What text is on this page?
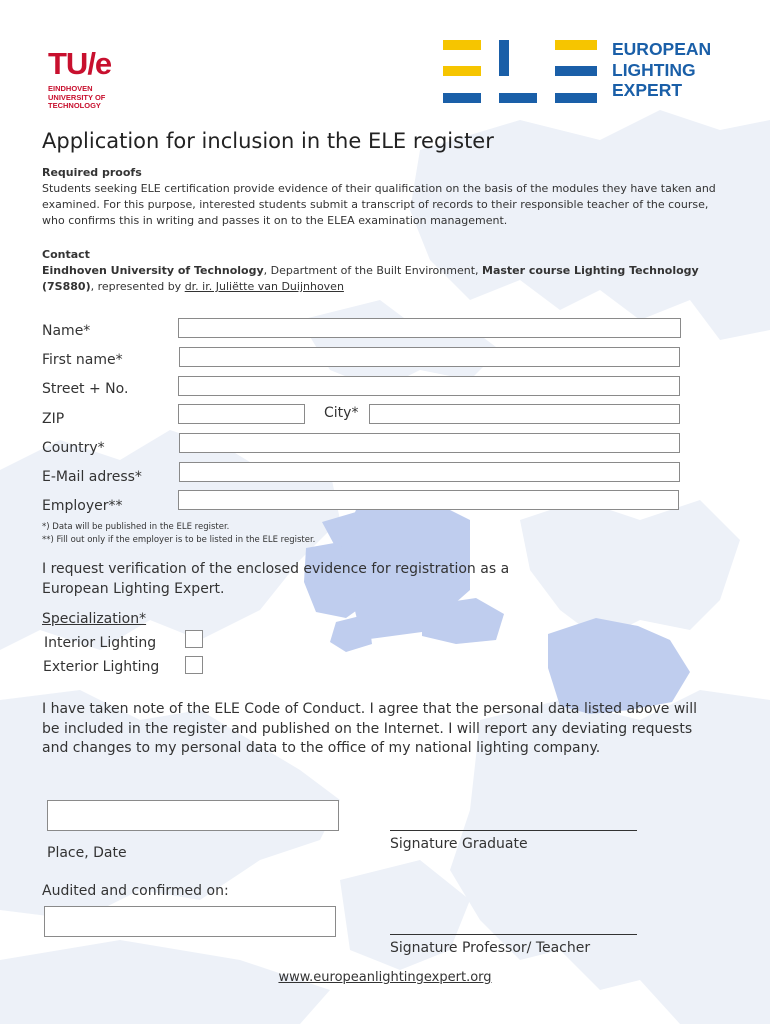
TU/e
EINDHOVEN
UNIVERSITY OF
TECHNOLOGY
EUROPEAN
LIGHTING
EXPERT
Application for inclusion in the ELE register
Required proofs
Students seeking ELE certification provide evidence of their qualification on the basis of the modules they have taken and examined. For this purpose, interested students submit a transcript of records to their responsible teacher of the course, who confirms this in writing and passes it on to the ELEA examination management.
Contact
Eindhoven University of Technology, Department of the Built Environment, Master course Lighting Technology (7S880), represented by dr. ir. Juliëtte van Duijnhoven
Name*
First name*
Street + No.
ZIP	City*
Country*
E-Mail adress*
Employer**
*) Data will be published in the ELE register.
**) Fill out only if the employer is to be listed in the ELE register.
I request verification of the enclosed evidence for registration as a European Lighting Expert.
Specialization*
Interior Lighting
Exterior Lighting
I have taken note of the ELE Code of Conduct. I agree that the personal data listed above will be included in the register and published on the Internet. I will report any deviating requests and changes to my personal data to the office of my national lighting company.
Place, Date
Signature Graduate
Audited and confirmed on:
Signature Professor/ Teacher
www.europeanlightingexpert.org
